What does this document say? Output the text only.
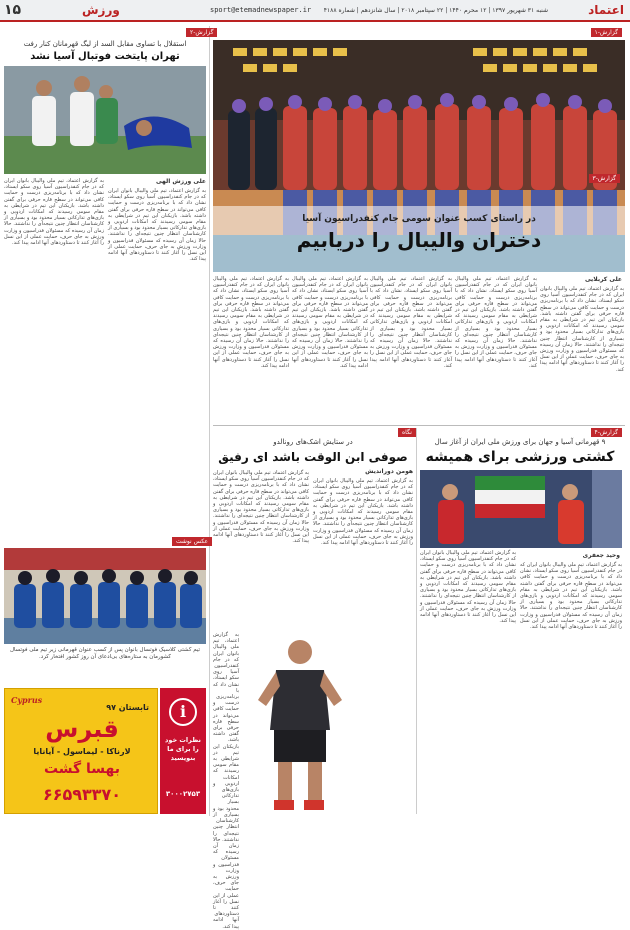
۱۵	ورزش	sport@etemadnewspaper.ir	شنبه ۳۱ شهریور ۱۳۹۷ | ۱۲ محرم ۱۴۴۰ | ۲۲ سپتامبر ۲۰۱۸ | سال شانزدهم | شماره ۴۱۸۸	اعتماد
گزارش-۱
در راستای کسب عنوان سومی جام کنفدراسیون آسیا
دختران والیبال را دریابیم
گزارش-۳
علی کربلایی
به گزارش اعتماد، تیم ملی والیبال بانوان ایران که در جام کنفدراسیون آسیا روی سکو ایستاد، نشان داد که با برنامه‌ریزی درست و حمایت کافی می‌تواند در سطح قاره حرفی برای گفتن داشته باشد. بازیکنان این تیم در شرایطی به مقام سومی رسیدند که امکانات اردویی و بازی‌های تدارکاتی بسیار محدود بود و بسیاری از کارشناسان انتظار چنین نتیجه‌ای را نداشتند. حالا زمان آن رسیده که مسئولان فدراسیون و وزارت ورزش به جای حرف، حمایت عملی از این نسل را آغاز کنند تا دستاوردهای آنها ادامه پیدا کند.
به گزارش اعتماد، تیم ملی والیبال بانوان ایران که در جام کنفدراسیون آسیا روی سکو ایستاد، نشان داد که با برنامه‌ریزی درست و حمایت کافی می‌تواند در سطح قاره حرفی برای گفتن داشته باشد. بازیکنان این تیم در شرایطی به مقام سومی رسیدند که امکانات اردویی و بازی‌های تدارکاتی بسیار محدود بود و بسیاری از کارشناسان انتظار چنین نتیجه‌ای را نداشتند. حالا زمان آن رسیده که مسئولان فدراسیون و وزارت ورزش به جای حرف، حمایت عملی از این نسل را آغاز کنند تا دستاوردهای آنها ادامه پیدا کند.
به گزارش اعتماد، تیم ملی والیبال بانوان ایران که در جام کنفدراسیون آسیا روی سکو ایستاد، نشان داد که با برنامه‌ریزی درست و حمایت کافی می‌تواند در سطح قاره حرفی برای گفتن داشته باشد. بازیکنان این تیم در شرایطی به مقام سومی رسیدند که امکانات اردویی و بازی‌های تدارکاتی بسیار محدود بود و بسیاری از کارشناسان انتظار چنین نتیجه‌ای را نداشتند. حالا زمان آن رسیده که مسئولان فدراسیون و وزارت ورزش به جای حرف، حمایت عملی از این نسل را آغاز کنند تا دستاوردهای آنها ادامه پیدا کند.
به گزارش اعتماد، تیم ملی والیبال بانوان ایران که در جام کنفدراسیون آسیا روی سکو ایستاد، نشان داد که با برنامه‌ریزی درست و حمایت کافی می‌تواند در سطح قاره حرفی برای گفتن داشته باشد. بازیکنان این تیم در شرایطی به مقام سومی رسیدند که امکانات اردویی و بازی‌های تدارکاتی بسیار محدود بود و بسیاری از کارشناسان انتظار چنین نتیجه‌ای را نداشتند. حالا زمان آن رسیده که مسئولان فدراسیون و وزارت ورزش به جای حرف، حمایت عملی از این نسل را آغاز کنند تا دستاوردهای آنها ادامه پیدا کند.
به گزارش اعتماد، تیم ملی والیبال بانوان ایران که در جام کنفدراسیون آسیا روی سکو ایستاد، نشان داد که با برنامه‌ریزی درست و حمایت کافی می‌تواند در سطح قاره حرفی برای گفتن داشته باشد. بازیکنان این تیم در شرایطی به مقام سومی رسیدند که امکانات اردویی و بازی‌های تدارکاتی بسیار محدود بود و بسیاری از کارشناسان انتظار چنین نتیجه‌ای را نداشتند. حالا زمان آن رسیده که مسئولان فدراسیون و وزارت ورزش به جای حرف، حمایت عملی از این نسل را آغاز کنند تا دستاوردهای آنها ادامه پیدا کند.
گزارش-۴
۹ قهرمانی آسیا و جهان برای ورزش ملی ایران از آغاز سال
کشتی ورزشی برای همیشه
وحید جعفری
به گزارش اعتماد، تیم ملی والیبال بانوان ایران که در جام کنفدراسیون آسیا روی سکو ایستاد، نشان داد که با برنامه‌ریزی درست و حمایت کافی می‌تواند در سطح قاره حرفی برای گفتن داشته باشد. بازیکنان این تیم در شرایطی به مقام سومی رسیدند که امکانات اردویی و بازی‌های تدارکاتی بسیار محدود بود و بسیاری از کارشناسان انتظار چنین نتیجه‌ای را نداشتند. حالا زمان آن رسیده که مسئولان فدراسیون و وزارت ورزش به جای حرف، حمایت عملی از این نسل را آغاز کنند تا دستاوردهای آنها ادامه پیدا کند.
به گزارش اعتماد، تیم ملی والیبال بانوان ایران که در جام کنفدراسیون آسیا روی سکو ایستاد، نشان داد که با برنامه‌ریزی درست و حمایت کافی می‌تواند در سطح قاره حرفی برای گفتن داشته باشد. بازیکنان این تیم در شرایطی به مقام سومی رسیدند که امکانات اردویی و بازی‌های تدارکاتی بسیار محدود بود و بسیاری از کارشناسان انتظار چنین نتیجه‌ای را نداشتند. حالا زمان آن رسیده که مسئولان فدراسیون و وزارت ورزش به جای حرف، حمایت عملی از این نسل را آغاز کنند تا دستاوردهای آنها ادامه پیدا کند.
نگاه
در ستایش اشک‌های رونالدو
صوفی ابن الوقت باشد ای رفیق
هومن دورانديش
به گزارش اعتماد، تیم ملی والیبال بانوان ایران که در جام کنفدراسیون آسیا روی سکو ایستاد، نشان داد که با برنامه‌ریزی درست و حمایت کافی می‌تواند در سطح قاره حرفی برای گفتن داشته باشد. بازیکنان این تیم در شرایطی به مقام سومی رسیدند که امکانات اردویی و بازی‌های تدارکاتی بسیار محدود بود و بسیاری از کارشناسان انتظار چنین نتیجه‌ای را نداشتند. حالا زمان آن رسیده که مسئولان فدراسیون و وزارت ورزش به جای حرف، حمایت عملی از این نسل را آغاز کنند تا دستاوردهای آنها ادامه پیدا کند.
به گزارش اعتماد، تیم ملی والیبال بانوان ایران که در جام کنفدراسیون آسیا روی سکو ایستاد، نشان داد که با برنامه‌ریزی درست و حمایت کافی می‌تواند در سطح قاره حرفی برای گفتن داشته باشد. بازیکنان این تیم در شرایطی به مقام سومی رسیدند که امکانات اردویی و بازی‌های تدارکاتی بسیار محدود بود و بسیاری از کارشناسان انتظار چنین نتیجه‌ای را نداشتند. حالا زمان آن رسیده که مسئولان فدراسیون و وزارت ورزش به جای حرف، حمایت عملی از این نسل را آغاز کنند تا دستاوردهای آنها ادامه پیدا کند.
به گزارش اعتماد، تیم ملی والیبال بانوان ایران که در جام کنفدراسیون آسیا روی سکو ایستاد، نشان داد که با برنامه‌ریزی درست و حمایت کافی می‌تواند در سطح قاره حرفی برای گفتن داشته باشد. بازیکنان این تیم در شرایطی به مقام سومی رسیدند که امکانات اردویی و بازی‌های تدارکاتی بسیار محدود بود و بسیاری از کارشناسان انتظار چنین نتیجه‌ای را نداشتند. حالا زمان آن رسیده که مسئولان فدراسیون و وزارت ورزش به جای حرف، حمایت عملی از این نسل را آغاز کنند تا دستاوردهای آنها ادامه پیدا کند.
گزارش-۲
استقلال با تساوی مقابل السد از لیگ قهرمانان کنار رفت
تهران پایتخت فوتبال آسیا نشد
علی ورزش الهی
به گزارش اعتماد، تیم ملی والیبال بانوان ایران که در جام کنفدراسیون آسیا روی سکو ایستاد، نشان داد که با برنامه‌ریزی درست و حمایت کافی می‌تواند در سطح قاره حرفی برای گفتن داشته باشد. بازیکنان این تیم در شرایطی به مقام سومی رسیدند که امکانات اردویی و بازی‌های تدارکاتی بسیار محدود بود و بسیاری از کارشناسان انتظار چنین نتیجه‌ای را نداشتند. حالا زمان آن رسیده که مسئولان فدراسیون و وزارت ورزش به جای حرف، حمایت عملی از این نسل را آغاز کنند تا دستاوردهای آنها ادامه پیدا کند.
به گزارش اعتماد، تیم ملی والیبال بانوان ایران که در جام کنفدراسیون آسیا روی سکو ایستاد، نشان داد که با برنامه‌ریزی درست و حمایت کافی می‌تواند در سطح قاره حرفی برای گفتن داشته باشد. بازیکنان این تیم در شرایطی به مقام سومی رسیدند که امکانات اردویی و بازی‌های تدارکاتی بسیار محدود بود و بسیاری از کارشناسان انتظار چنین نتیجه‌ای را نداشتند. حالا زمان آن رسیده که مسئولان فدراسیون و وزارت ورزش به جای حرف، حمایت عملی از این نسل را آغاز کنند تا دستاوردهای آنها ادامه پیدا کند.
عکس نوشت
تیم کشتی کلاسیک فوتسال بانوان پس از کسب عنوان قهرمانی زیر تیم ملی فوتسال کشورمان به ستاره‌های بی‌ادعای آن روز کشور افتخار کرد.
Cyprus
تابستان ۹۷
قبرس
لارناکا - لیماسول - آیانایا
بهسا گشت
۶۶۵۹۳۳۷۰
i
نظرات خود را برای ما بنویسید
۳۰۰۰۲۷۵۳
